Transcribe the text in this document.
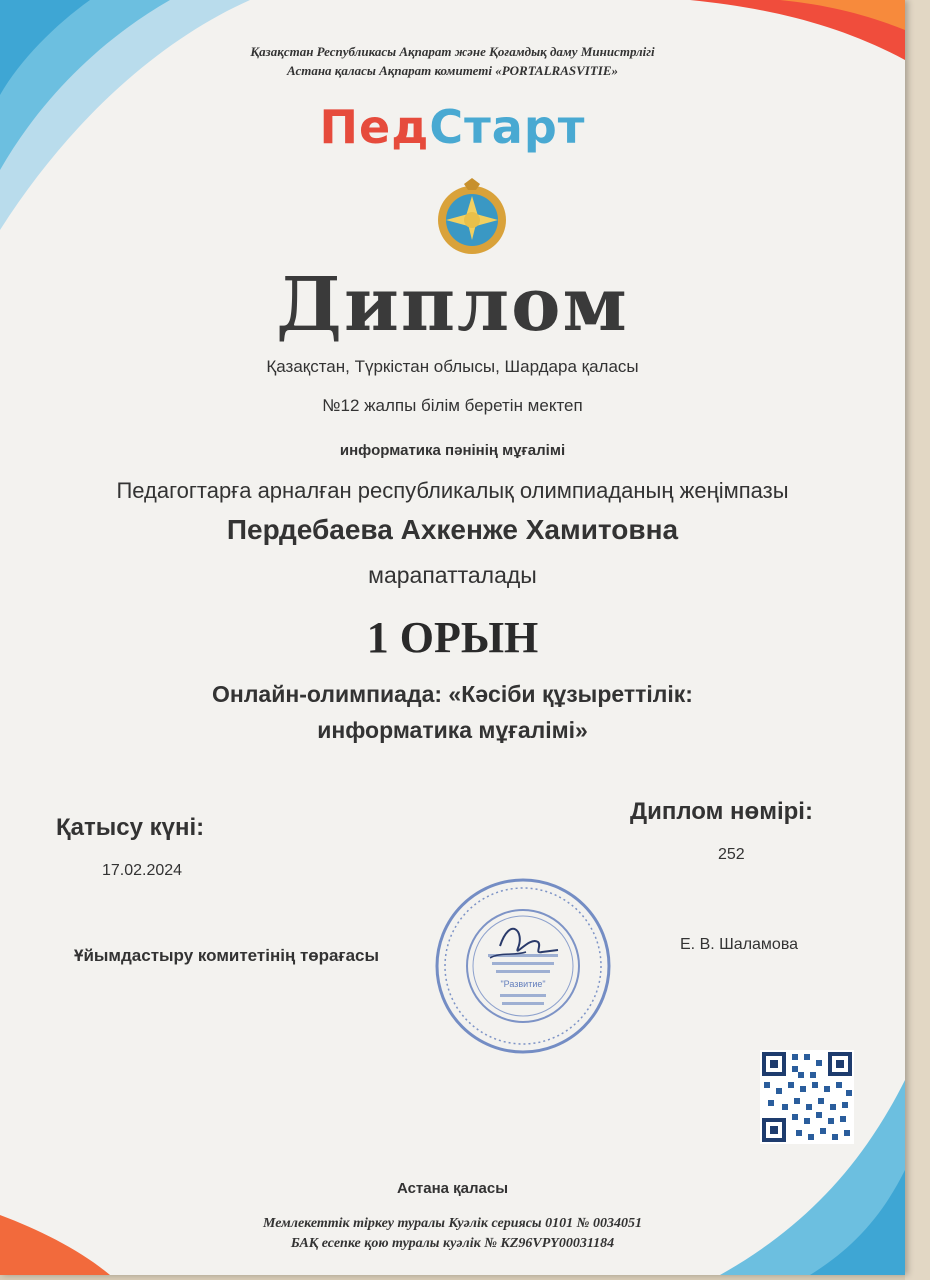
Қазақстан Республикасы Ақпарат және Қоғамдық даму Министрлігі
Астана қаласы Ақпарат комитеті «PORTALRASVITIE»
ПедСтарт
Диплом
Қазақстан, Түркістан облысы, Шардара қаласы
№12 жалпы білім беретін мектеп
информатика пәнінің мұғалімі
Педагогтарға арналған республикалық олимпиаданың жеңімпазы
Пердебаева Ахкенже Хамитовна
марапатталады
1 ОРЫН
Онлайн-олимпиада: «Кәсіби құзыреттілік:
информатика мұғалімі»
Қатысу күні:
17.02.2024
Диплом нөмірі:
252
Ұйымдастыру комитетінің төрағасы
Е. В. Шаламова
"Развитие"
Астана қаласы
Мемлекеттік тіркеу туралы Куәлік сериясы 0101 № 0034051
БАҚ есепке қою туралы куәлік № KZ96VPY00031184
